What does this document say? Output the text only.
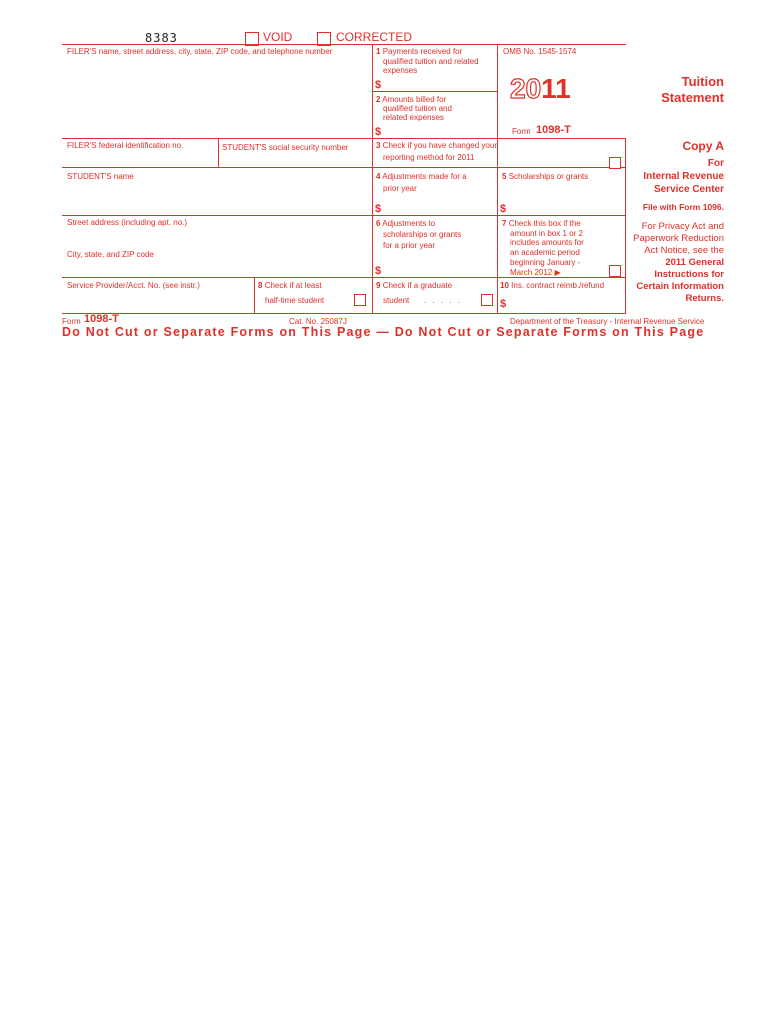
8383	VOID	CORRECTED
FILER'S name, street address, city, state, ZIP code, and telephone number
FILER'S federal identification no.	STUDENT'S social security number
STUDENT'S name
Street address (including apt. no.)
City, state, and ZIP code
Service Provider/Acct. No. (see instr.)	8 Check if at least
half-time student
1 Payments received for
qualified tuition and related
expenses
$
2 Amounts billed for
qualified tuition and
related expenses
$
OMB No. 1545-1574
2011
Form 1098-T
Tuition
Statement
3 Check if you have changed your
reporting method for 2011
4 Adjustments made for a
prior year
$
5 Scholarships or grants
$
6 Adjustments to
scholarships or grants
for a prior year
$
7 Check this box if the
amount in box 1 or 2
includes amounts for
an academic period
beginning January -
March 2012 ▶
9 Check if a graduate
student . . . . .
10 Ins. contract reimb./refund
$
Copy A
For
Internal Revenue
Service Center
File with Form 1096.
For Privacy Act and
Paperwork Reduction
Act Notice, see the
2011 General
Instructions for
Certain Information
Returns.
Form 1098-T	Cat. No. 25087J	Department of the Treasury - Internal Revenue Service
Do Not Cut or Separate Forms on This Page — Do Not Cut or Separate Forms on This Page
